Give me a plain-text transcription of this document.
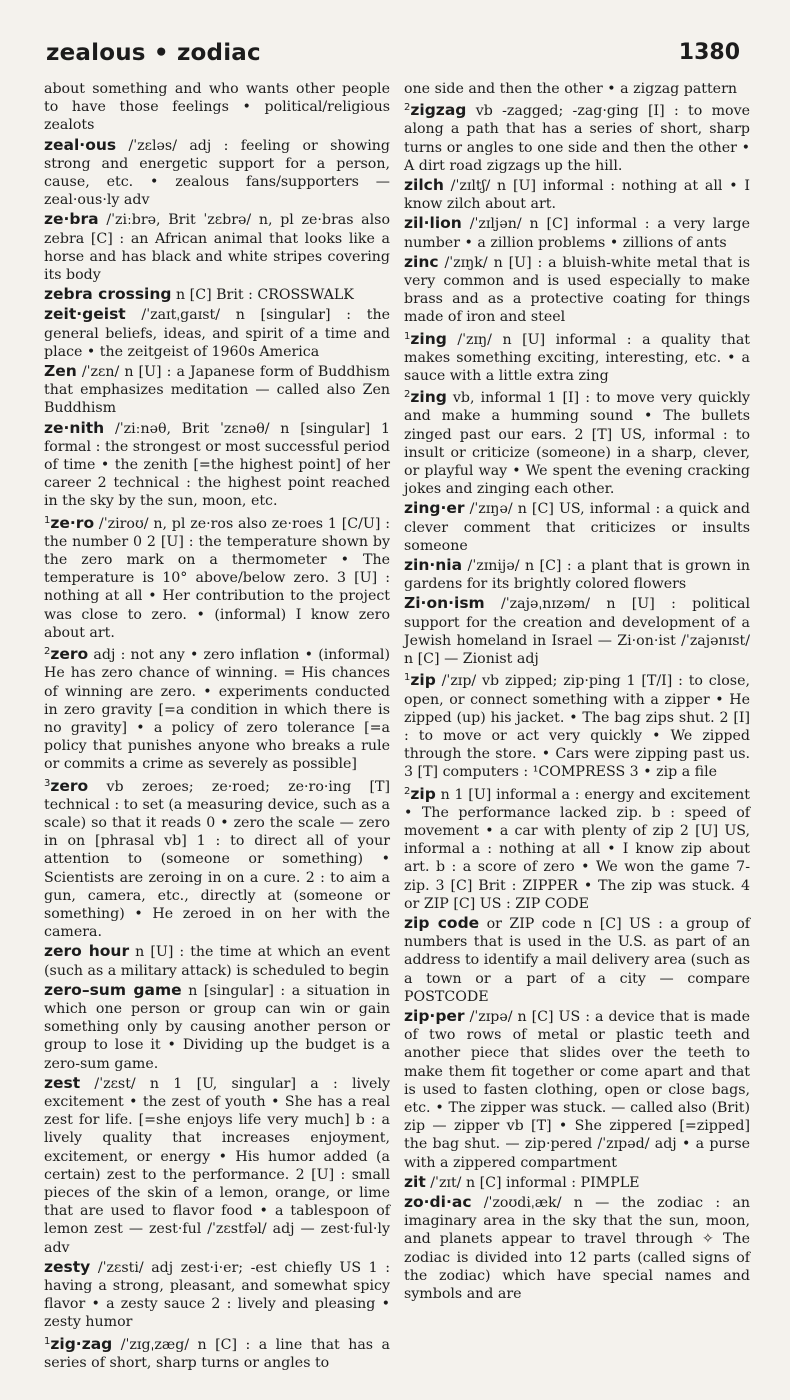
zealous • zodiac	1380

about something and who wants other people to have those feelings • political/religious zealots

zeal·ous /ˈzɛləs/ adj : feeling or showing strong and energetic support for a person, cause, etc. • zealous fans/supporters — zeal·ous·ly adv

ze·bra /ˈziːbrə, Brit ˈzɛbrə/ n, pl ze·bras also zebra [C] : an African animal that looks like a horse and has black and white stripes covering its body

zebra crossing n [C] Brit : CROSSWALK

zeit·geist /ˈzaɪtˌgaɪst/ n [singular] : the general beliefs, ideas, and spirit of a time and place • the zeitgeist of 1960s America

Zen /ˈzɛn/ n [U] : a Japanese form of Buddhism that emphasizes meditation — called also Zen Buddhism

ze·nith /ˈziːnəθ, Brit ˈzɛnəθ/ n [singular] 1 formal : the strongest or most successful period of time • the zenith [=the highest point] of her career 2 technical : the highest point reached in the sky by the sun, moon, etc.

$^1$ze·ro /ˈziroʊ/ n, pl ze·ros also ze·roes 1 [C/U] : the number 0 2 [U] : the temperature shown by the zero mark on a thermometer • The temperature is 10° above/below zero. 3 [U] : nothing at all • Her contribution to the project was close to zero. • (informal) I know zero about art.

$^2$zero adj : not any • zero inflation • (informal) He has zero chance of winning. = His chances of winning are zero. • experiments conducted in zero gravity [=a condition in which there is no gravity] • a policy of zero tolerance [=a policy that punishes anyone who breaks a rule or commits a crime as severely as possible]

$^3$zero vb zeroes; ze·roed; ze·ro·ing [T] technical : to set (a measuring device, such as a scale) so that it reads 0 • zero the scale — zero in on [phrasal vb] 1 : to direct all of your attention to (someone or something) • Scientists are zeroing in on a cure. 2 : to aim a gun, camera, etc., directly at (someone or something) • He zeroed in on her with the camera.

zero hour n [U] : the time at which an event (such as a military attack) is scheduled to begin

zero–sum game n [singular] : a situation in which one person or group can win or gain something only by causing another person or group to lose it • Dividing up the budget is a zero-sum game.

zest /ˈzɛst/ n 1 [U, singular] a : lively excitement • the zest of youth • She has a real zest for life. [=she enjoys life very much] b : a lively quality that increases enjoyment, excitement, or energy • His humor added (a certain) zest to the performance. 2 [U] : small pieces of the skin of a lemon, orange, or lime that are used to flavor food • a tablespoon of lemon zest — zest·ful /ˈzɛstfəl/ adj — zest·ful·ly adv

zesty /ˈzɛsti/ adj zest·i·er; -est chiefly US 1 : having a strong, pleasant, and somewhat spicy flavor • a zesty sauce 2 : lively and pleasing • zesty humor

$^1$zig·zag /ˈzɪgˌzæg/ n [C] : a line that has a series of short, sharp turns or angles to

one side and then the other • a zigzag pattern

$^2$zigzag vb -zagged; -zag·ging [I] : to move along a path that has a series of short, sharp turns or angles to one side and then the other • A dirt road zigzags up the hill.

zilch /ˈzɪltʃ/ n [U] informal : nothing at all • I know zilch about art.

zil·lion /ˈzɪljən/ n [C] informal : a very large number • a zillion problems • zillions of ants

zinc /ˈzɪŋk/ n [U] : a bluish-white metal that is very common and is used especially to make brass and as a protective coating for things made of iron and steel

$^1$zing /ˈzɪŋ/ n [U] informal : a quality that makes something exciting, interesting, etc. • a sauce with a little extra zing

$^2$zing vb, informal 1 [I] : to move very quickly and make a humming sound • The bullets zinged past our ears. 2 [T] US, informal : to insult or criticize (someone) in a sharp, clever, or playful way • We spent the evening cracking jokes and zinging each other.

zing·er /ˈzɪŋə/ n [C] US, informal : a quick and clever comment that criticizes or insults someone

zin·nia /ˈzɪnijə/ n [C] : a plant that is grown in gardens for its brightly colored flowers

Zi·on·ism /ˈzajəˌnɪzəm/ n [U] : political support for the creation and development of a Jewish homeland in Israel — Zi·on·ist /ˈzajənɪst/ n [C] — Zionist adj

$^1$zip /ˈzɪp/ vb zipped; zip·ping 1 [T/I] : to close, open, or connect something with a zipper • He zipped (up) his jacket. • The bag zips shut. 2 [I] : to move or act very quickly • We zipped through the store. • Cars were zipping past us. 3 [T] computers : ¹COMPRESS 3 • zip a file

$^2$zip n 1 [U] informal a : energy and excitement • The performance lacked zip. b : speed of movement • a car with plenty of zip 2 [U] US, informal a : nothing at all • I know zip about art. b : a score of zero • We won the game 7-zip. 3 [C] Brit : ZIPPER • The zip was stuck. 4 or ZIP [C] US : ZIP CODE

zip code or ZIP code n [C] US : a group of numbers that is used in the U.S. as part of an address to identify a mail delivery area (such as a town or a part of a city — compare POSTCODE

zip·per /ˈzɪpə/ n [C] US : a device that is made of two rows of metal or plastic teeth and another piece that slides over the teeth to make them fit together or come apart and that is used to fasten clothing, open or close bags, etc. • The zipper was stuck. — called also (Brit) zip — zipper vb [T] • She zippered [=zipped] the bag shut. — zip·pered /ˈzɪpəd/ adj • a purse with a zippered compartment

zit /ˈzɪt/ n [C] informal : PIMPLE

zo·di·ac /ˈzoʊdiˌæk/ n — the zodiac : an imaginary area in the sky that the sun, moon, and planets appear to travel through ✧ The zodiac is divided into 12 parts (called signs of the zodiac) which have special names and symbols and are
